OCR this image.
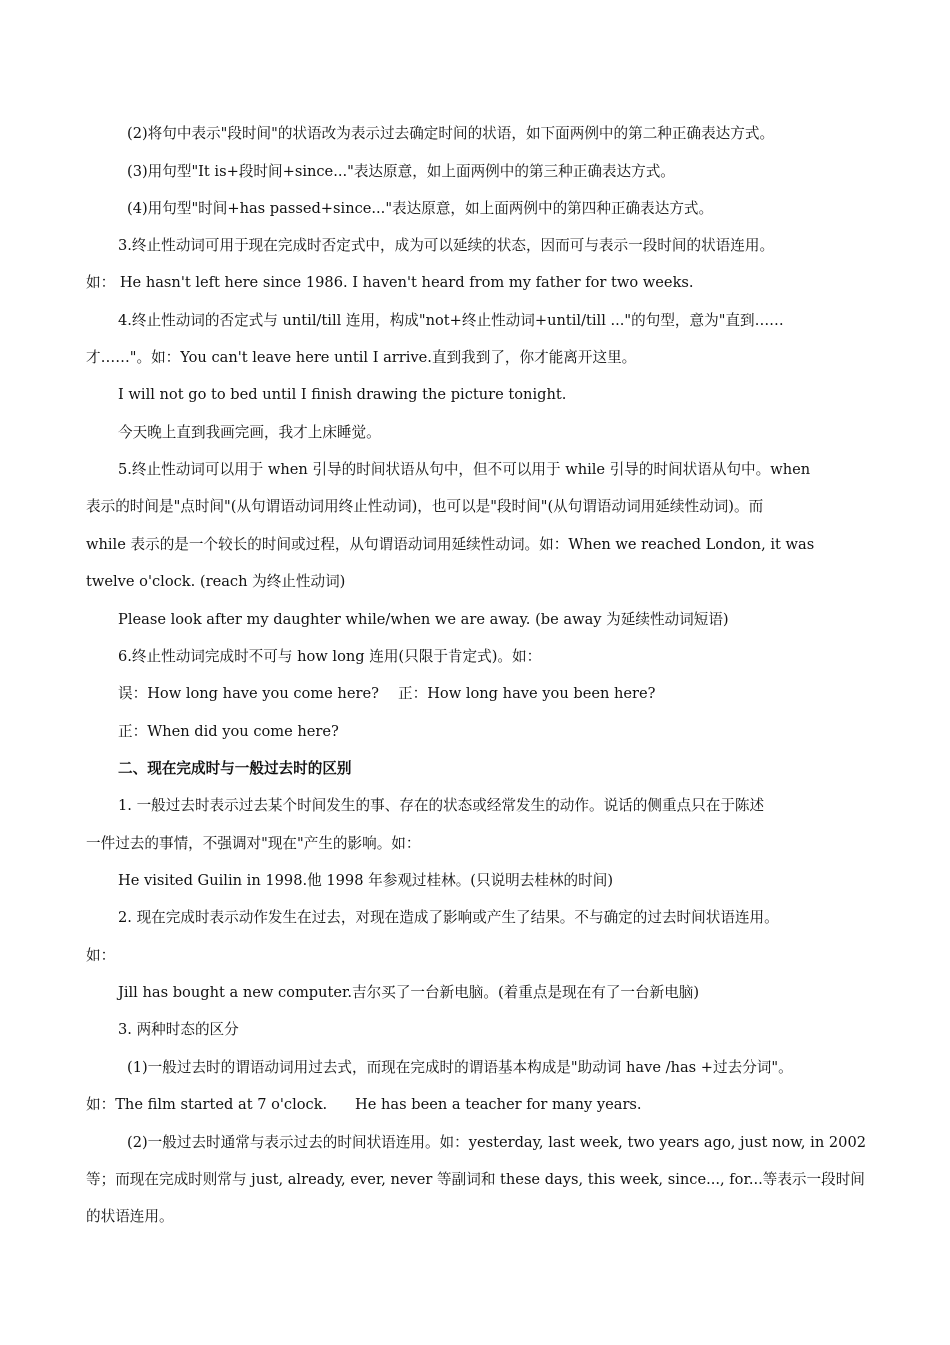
(2)将句中表示"段时间"的状语改为表示过去确定时间的状语，如下面两例中的第二种正确表达方式。
(3)用句型"It is+段时间+since..."表达原意，如上面两例中的第三种正确表达方式。
(4)用句型"时间+has passed+since..."表达原意，如上面两例中的第四种正确表达方式。
3.终止性动词可用于现在完成时否定式中，成为可以延续的状态，因而可与表示一段时间的状语连用。
如： He hasn't left here since 1986. I haven't heard from my father for two weeks.
4.终止性动词的否定式与 until/till 连用，构成"not+终止性动词+until/till ..."的句型，意为"直到……
才……"。如：You can't leave here until I arrive.直到我到了，你才能离开这里。
I will not go to bed until I finish drawing the picture tonight.
今天晚上直到我画完画，我才上床睡觉。
5.终止性动词可以用于 when 引导的时间状语从句中，但不可以用于 while 引导的时间状语从句中。when
表示的时间是"点时间"(从句谓语动词用终止性动词)，也可以是"段时间"(从句谓语动词用延续性动词)。而
while 表示的是一个较长的时间或过程，从句谓语动词用延续性动词。如：When we reached London, it was
twelve o'clock. (reach 为终止性动词)
Please look after my daughter while/when we are away. (be away 为延续性动词短语)
6.终止性动词完成时不可与 how long 连用(只限于肯定式)。如：
误：How long have you come here? 正：How long have you been here?
正：When did you come here?
二、现在完成时与一般过去时的区别
1. 一般过去时表示过去某个时间发生的事、存在的状态或经常发生的动作。说话的侧重点只在于陈述
一件过去的事情，不强调对"现在"产生的影响。如：
He visited Guilin in 1998.他 1998 年参观过桂林。(只说明去桂林的时间)
2. 现在完成时表示动作发生在过去，对现在造成了影响或产生了结果。不与确定的过去时间状语连用。
如：
Jill has bought a new computer.吉尔买了一台新电脑。(着重点是现在有了一台新电脑)
3. 两种时态的区分
(1)一般过去时的谓语动词用过去式，而现在完成时的谓语基本构成是"助动词 have /has +过去分词"。
如：The film started at 7 o'clock. He has been a teacher for many years.
(2)一般过去时通常与表示过去的时间状语连用。如：yesterday, last week, two years ago, just now, in 2002
等；而现在完成时则常与 just, already, ever, never 等副词和 these days, this week, since..., for...等表示一段时间
的状语连用。
